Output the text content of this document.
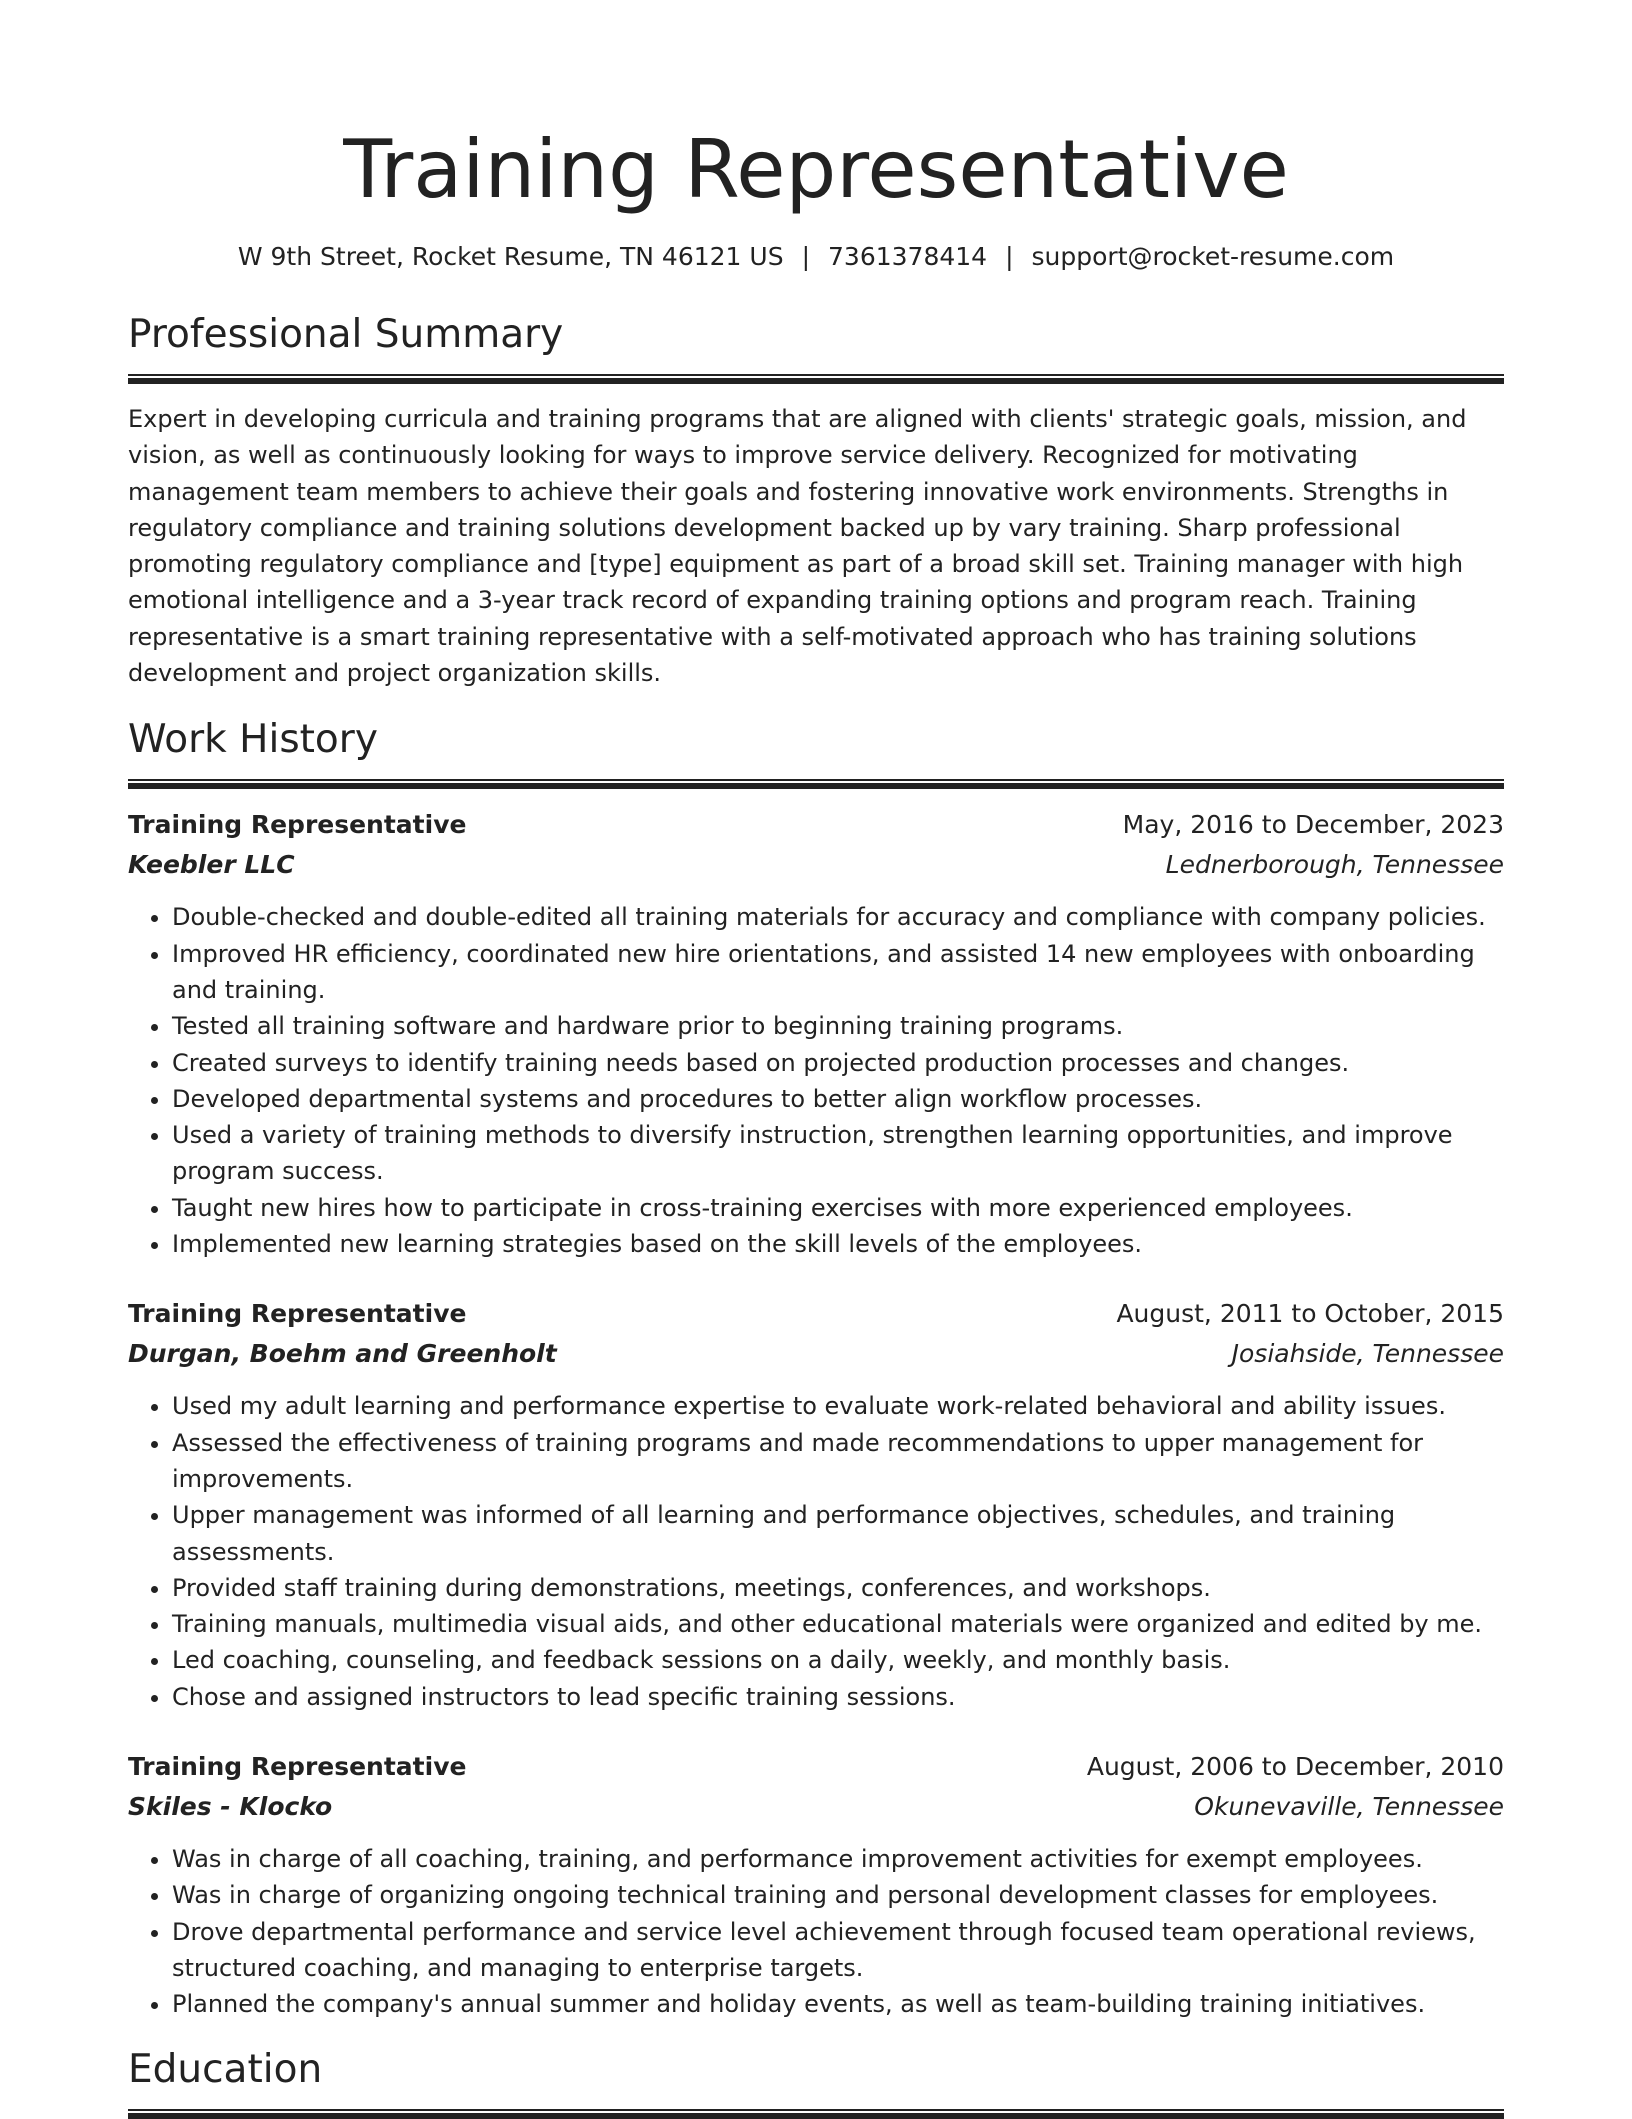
Training Representative
W 9th Street, Rocket Resume, TN 46121 US | 7361378414 | support@rocket-resume.com
Professional Summary

Expert in developing curricula and training programs that are aligned with clients' strategic goals, mission, and vision, as well as continuously looking for ways to improve service delivery. Recognized for motivating management team members to achieve their goals and fostering innovative work environments. Strengths in regulatory compliance and training solutions development backed up by vary training. Sharp professional promoting regulatory compliance and [type] equipment as part of a broad skill set. Training manager with high emotional intelligence and a 3-year track record of expanding training options and program reach. Training representative is a smart training representative with a self-motivated approach who has training solutions development and project organization skills.

Work History
Training Representative	May, 2016 to December, 2023
Keebler LLC	Lednerborough, Tennessee
• Double-checked and double-edited all training materials for accuracy and compliance with company policies.
• Improved HR efficiency, coordinated new hire orientations, and assisted 14 new employees with onboarding and training.
• Tested all training software and hardware prior to beginning training programs.
• Created surveys to identify training needs based on projected production processes and changes.
• Developed departmental systems and procedures to better align workflow processes.
• Used a variety of training methods to diversify instruction, strengthen learning opportunities, and improve program success.
• Taught new hires how to participate in cross-training exercises with more experienced employees.
• Implemented new learning strategies based on the skill levels of the employees.
Training Representative	August, 2011 to October, 2015
Durgan, Boehm and Greenholt	Josiahside, Tennessee
• Used my adult learning and performance expertise to evaluate work-related behavioral and ability issues.
• Assessed the effectiveness of training programs and made recommendations to upper management for improvements.
• Upper management was informed of all learning and performance objectives, schedules, and training assessments.
• Provided staff training during demonstrations, meetings, conferences, and workshops.
• Training manuals, multimedia visual aids, and other educational materials were organized and edited by me.
• Led coaching, counseling, and feedback sessions on a daily, weekly, and monthly basis.
• Chose and assigned instructors to lead specific training sessions.
Training Representative	August, 2006 to December, 2010
Skiles - Klocko	Okunevaville, Tennessee
• Was in charge of all coaching, training, and performance improvement activities for exempt employees.
• Was in charge of organizing ongoing technical training and personal development classes for employees.
• Drove departmental performance and service level achievement through focused team operational reviews, structured coaching, and managing to enterprise targets.
• Planned the company's annual summer and holiday events, as well as team-building training initiatives.
Education
